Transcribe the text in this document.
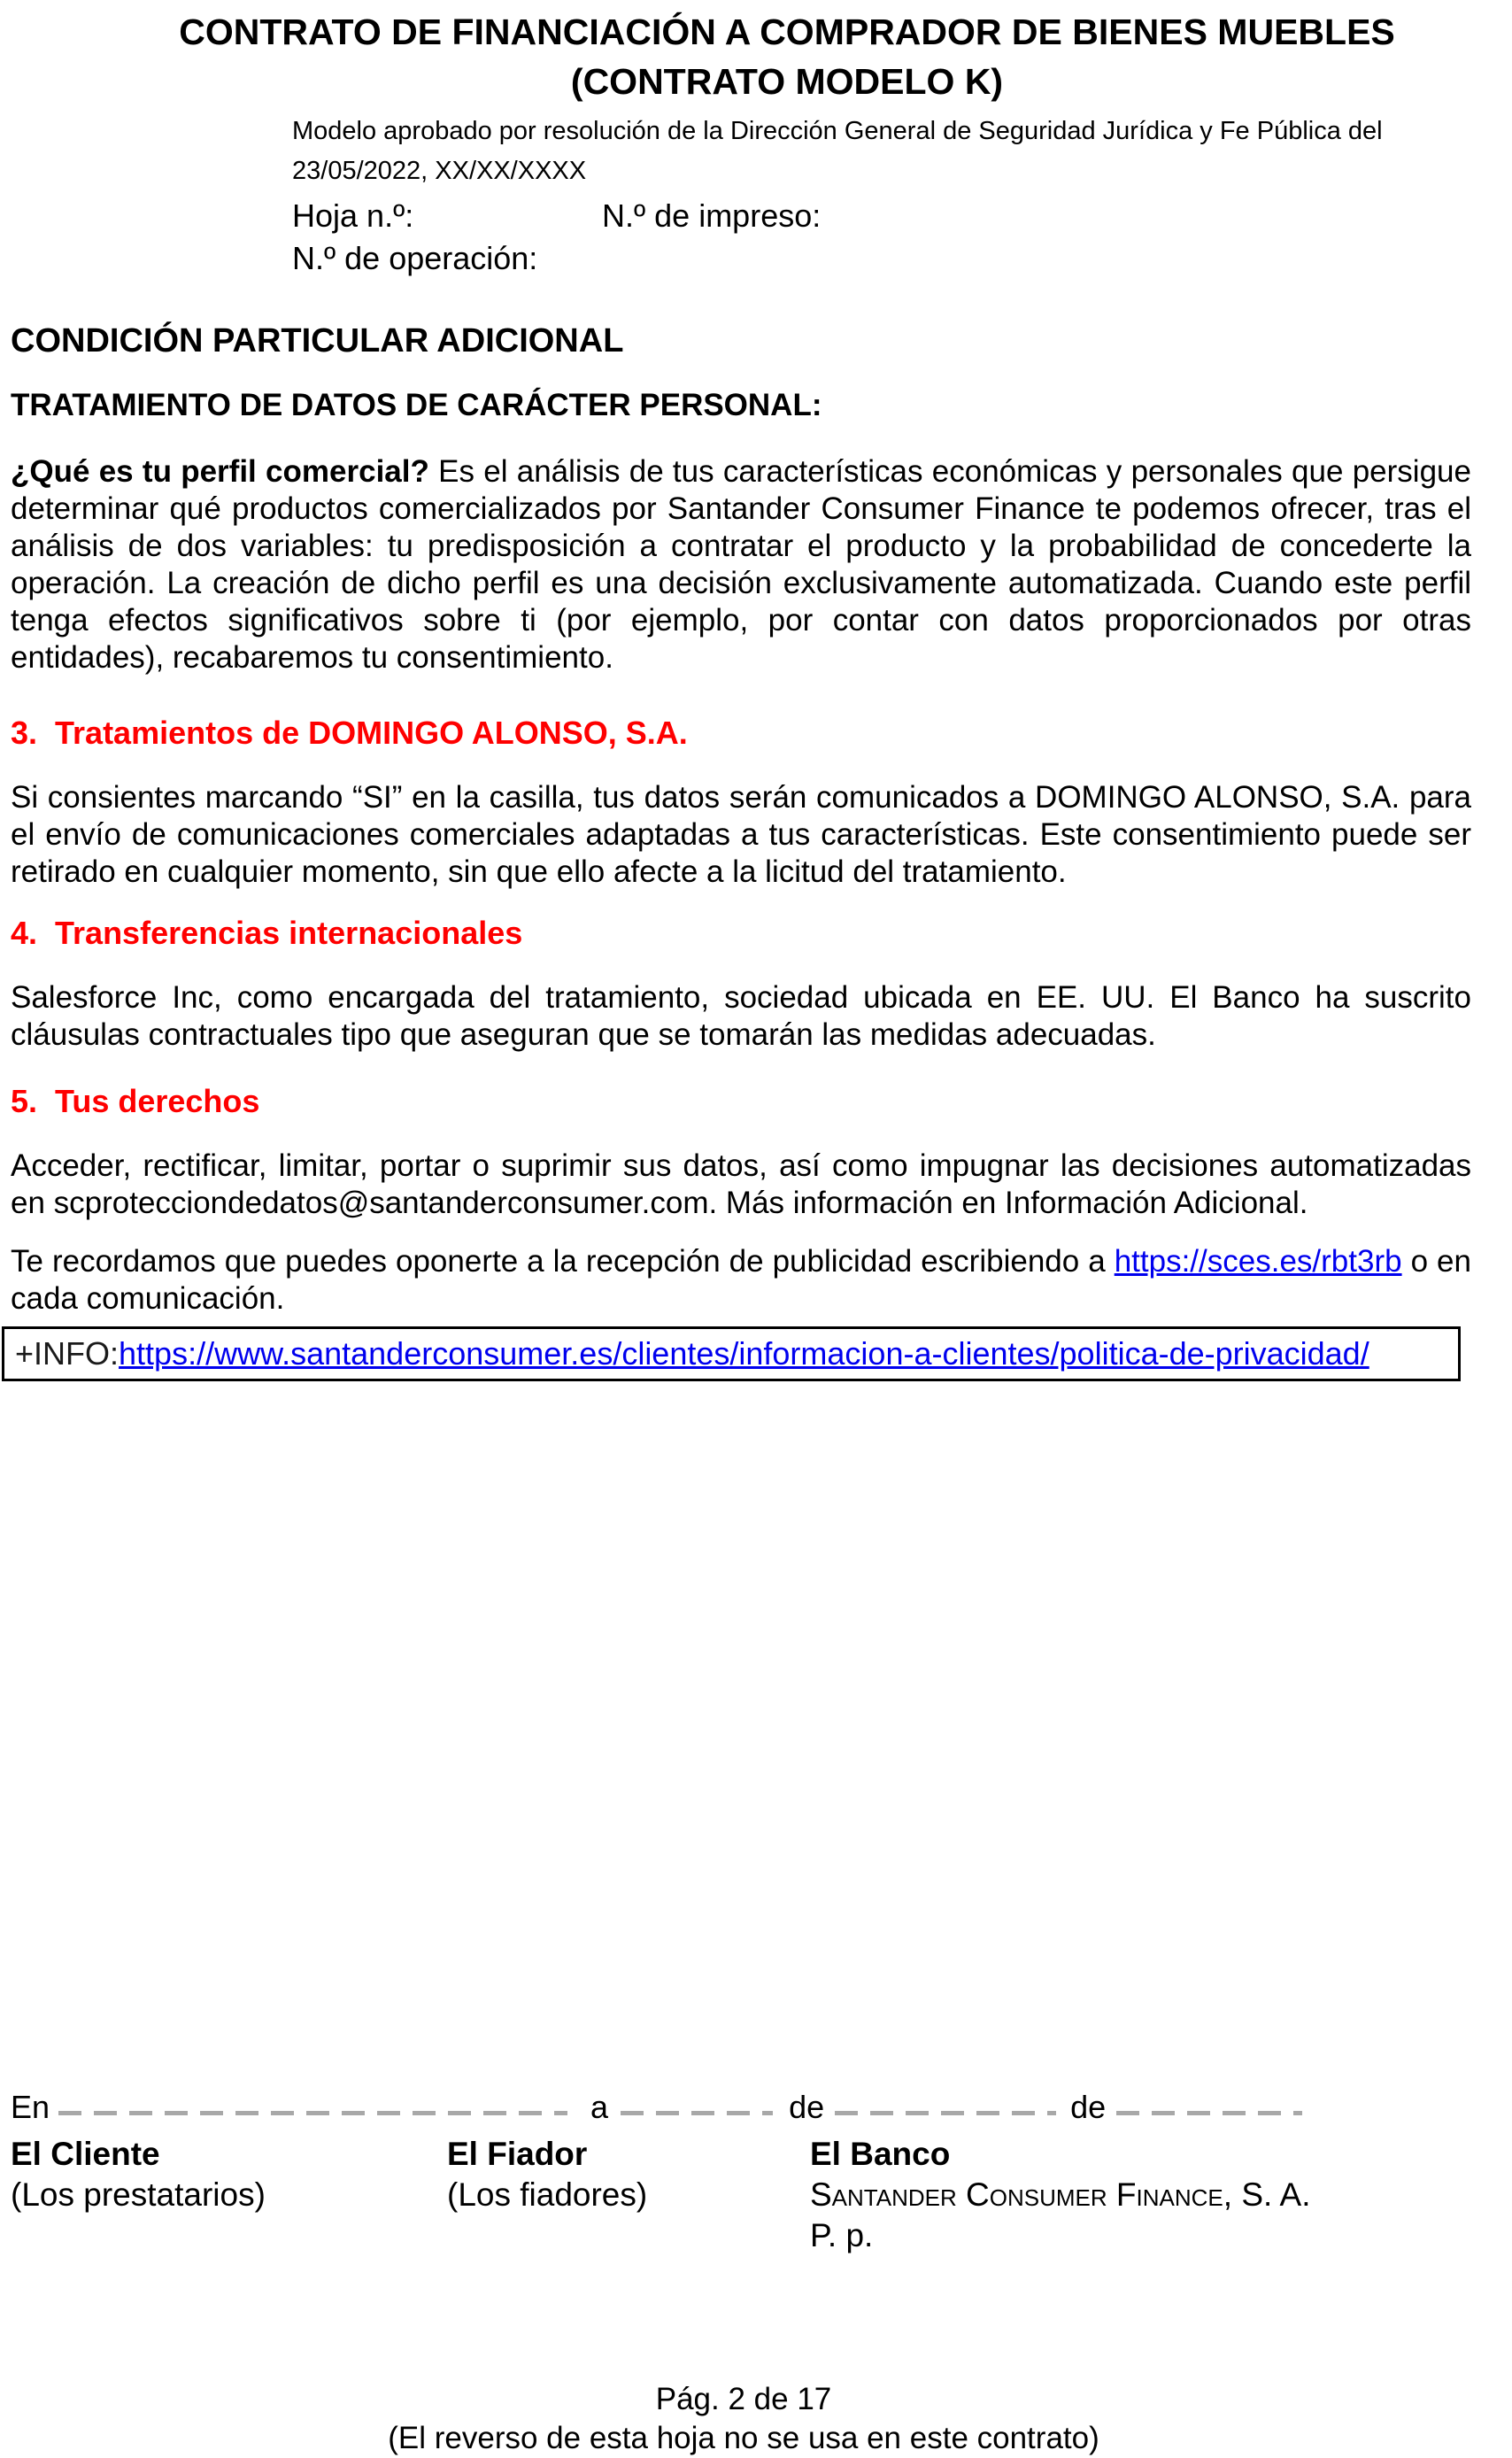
CONTRATO DE FINANCIACIÓN A COMPRADOR DE BIENES MUEBLES
(CONTRATO MODELO K)
Modelo aprobado por resolución de la Dirección General de Seguridad Jurídica y Fe Pública del
23/05/2022, XX/XX/XXXX
Hoja n.º:	N.º de impreso:
N.º de operación:
CONDICIÓN PARTICULAR ADICIONAL
TRATAMIENTO DE DATOS DE CARÁCTER PERSONAL:

¿Qué es tu perfil comercial? Es el análisis de tus características económicas y personales que persigue determinar qué productos comercializados por Santander Consumer Finance te podemos ofrecer, tras el análisis de dos variables: tu predisposición a contratar el producto y la probabilidad de concederte la operación. La creación de dicho perfil es una decisión exclusivamente automatizada. Cuando este perfil tenga efectos significativos sobre ti (por ejemplo, por contar con datos proporcionados por otras entidades), recabaremos tu consentimiento.

3. Tratamientos de DOMINGO ALONSO, S.A.

Si consientes marcando “SI” en la casilla, tus datos serán comunicados a DOMINGO ALONSO, S.A. para el envío de comunicaciones comerciales adaptadas a tus características. Este consentimiento puede ser retirado en cualquier momento, sin que ello afecte a la licitud del tratamiento.

4. Transferencias internacionales

Salesforce Inc, como encargada del tratamiento, sociedad ubicada en EE. UU. El Banco ha suscrito cláusulas contractuales tipo que aseguran que se tomarán las medidas adecuadas.

5. Tus derechos

Acceder, rectificar, limitar, portar o suprimir sus datos, así como impugnar las decisiones automatizadas en scprotecciondedatos@santanderconsumer.com. Más información en Información Adicional.

Te recordamos que puedes oponerte a la recepción de publicidad escribiendo a https://sces.es/rbt3rb o en cada comunicación.

+INFO:https://www.santanderconsumer.es/clientes/informacion-a-clientes/politica-de-privacidad/
En	a	de	de
El Cliente
(Los prestatarios)
El Fiador
(Los fiadores)
El Banco
Santander Consumer Finance, S. A.
P. p.
Pág. 2 de 17
(El reverso de esta hoja no se usa en este contrato)
